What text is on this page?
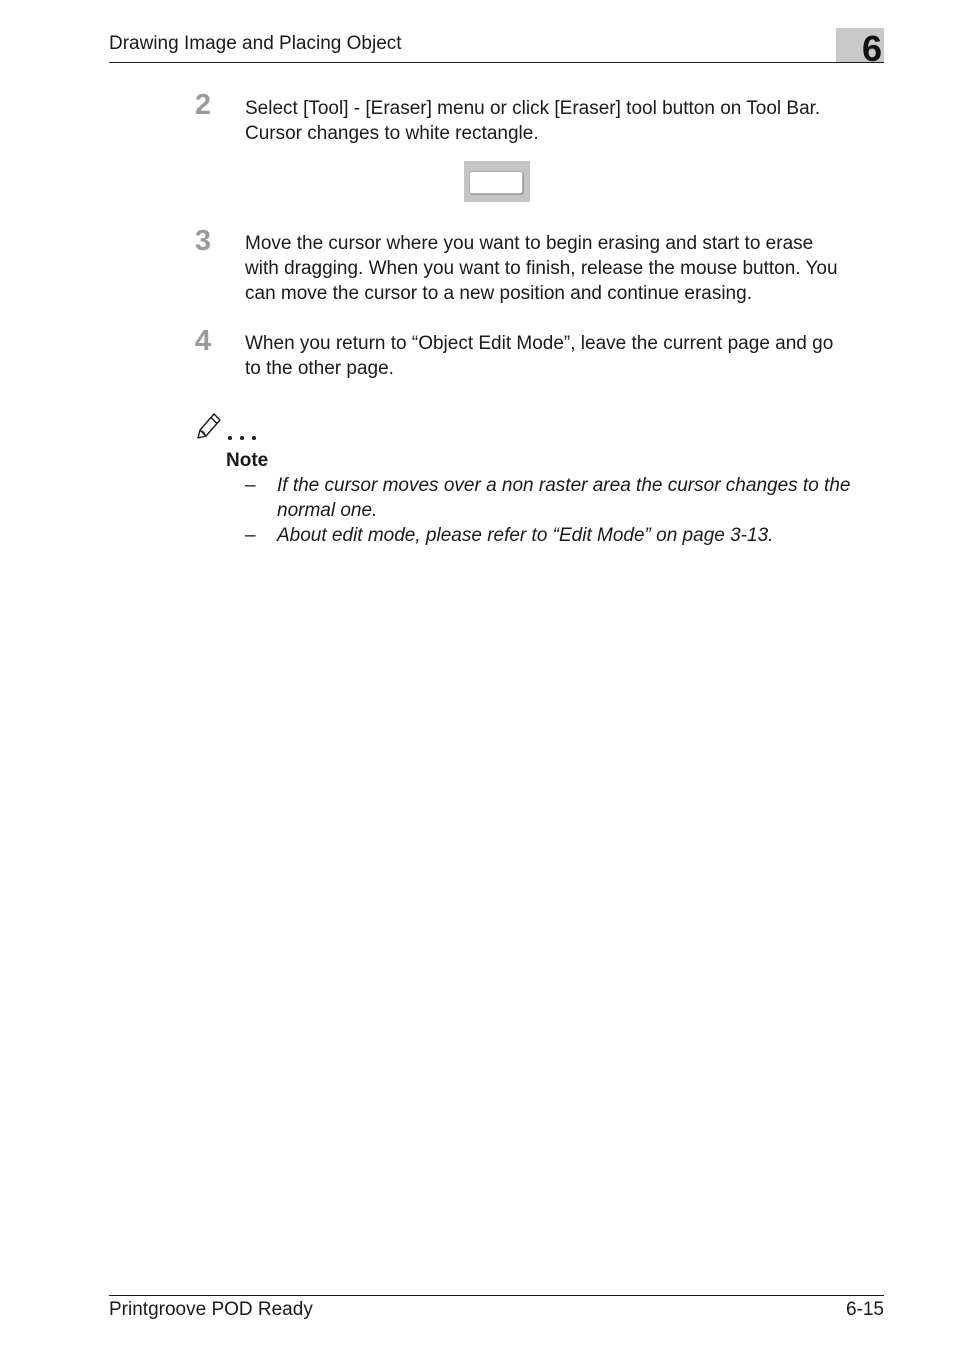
Drawing Image and Placing Object	6
2 Select [Tool] - [Eraser] menu or click [Eraser] tool button on Tool Bar.

Cursor changes to white rectangle.

3 Move the cursor where you want to begin erasing and start to erase

with dragging. When you want to finish, release the mouse button. You

can move the cursor to a new position and continue erasing.

4 When you return to “Object Edit Mode”, leave the current page and go

to the other page.

Note
– If the cursor moves over a non raster area the cursor changes to the
normal one.
– About edit mode, please refer to “Edit Mode” on page 3-13.
Printgroove POD Ready	6-15
